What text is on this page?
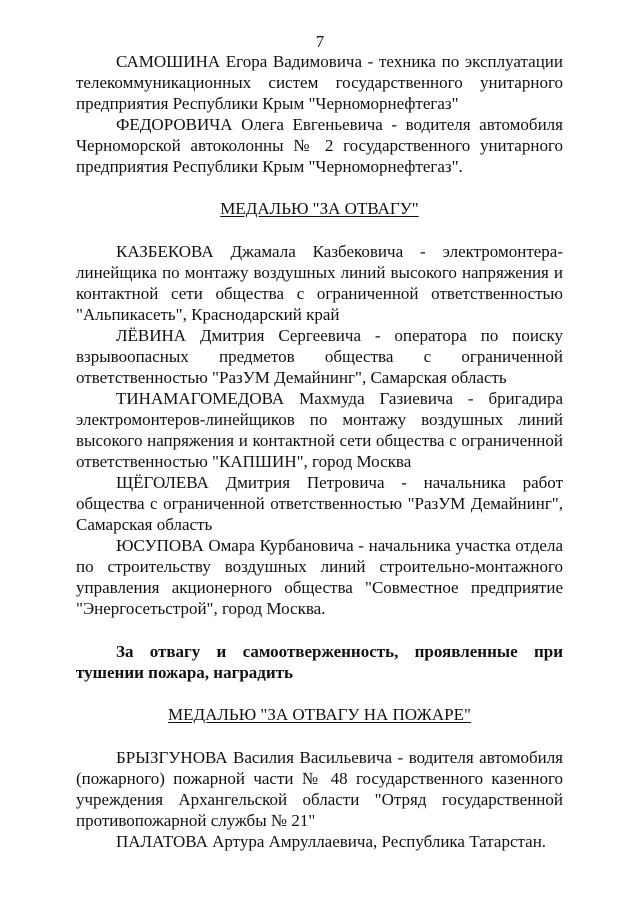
7

САМОШИНА Егора Вадимовича - техника по эксплуатации телекоммуникационных систем государственного унитарного предприятия Республики Крым "Черноморнефтегаз"

ФЕДОРОВИЧА Олега Евгеньевича - водителя автомобиля Черноморской автоколонны № 2 государственного унитарного предприятия Республики Крым "Черноморнефтегаз".

МЕДАЛЬЮ "ЗА ОТВАГУ"

КАЗБЕКОВА Джамала Казбековича - электромонтера-линейщика по монтажу воздушных линий высокого напряжения и контактной сети общества с ограниченной ответственностью "Альпикасеть", Краснодарский край

ЛЁВИНА Дмитрия Сергеевича - оператора по поиску взрывоопасных предметов общества с ограниченной ответственностью "РазУМ Демайнинг", Самарская область

ТИНАМАГОМЕДОВА Махмуда Газиевича - бригадира электромонтеров-линейщиков по монтажу воздушных линий высокого напряжения и контактной сети общества с ограниченной ответственностью "КАПШИН", город Москва

ЩЁГОЛЕВА Дмитрия Петровича - начальника работ общества с ограниченной ответственностью "РазУМ Демайнинг", Самарская область

ЮСУПОВА Омара Курбановича - начальника участка отдела по строительству воздушных линий строительно-монтажного управления акционерного общества "Совместное предприятие "Энергосетьстрой", город Москва.

За отвагу и самоотверженность, проявленные при тушении пожара, наградить

МЕДАЛЬЮ "ЗА ОТВАГУ НА ПОЖАРЕ"

БРЫЗГУНОВА Василия Васильевича - водителя автомобиля (пожарного) пожарной части № 48 государственного казенного учреждения Архангельской области "Отряд государственной противопожарной службы № 21"

ПАЛАТОВА Артура Амруллаевича, Республика Татарстан.
